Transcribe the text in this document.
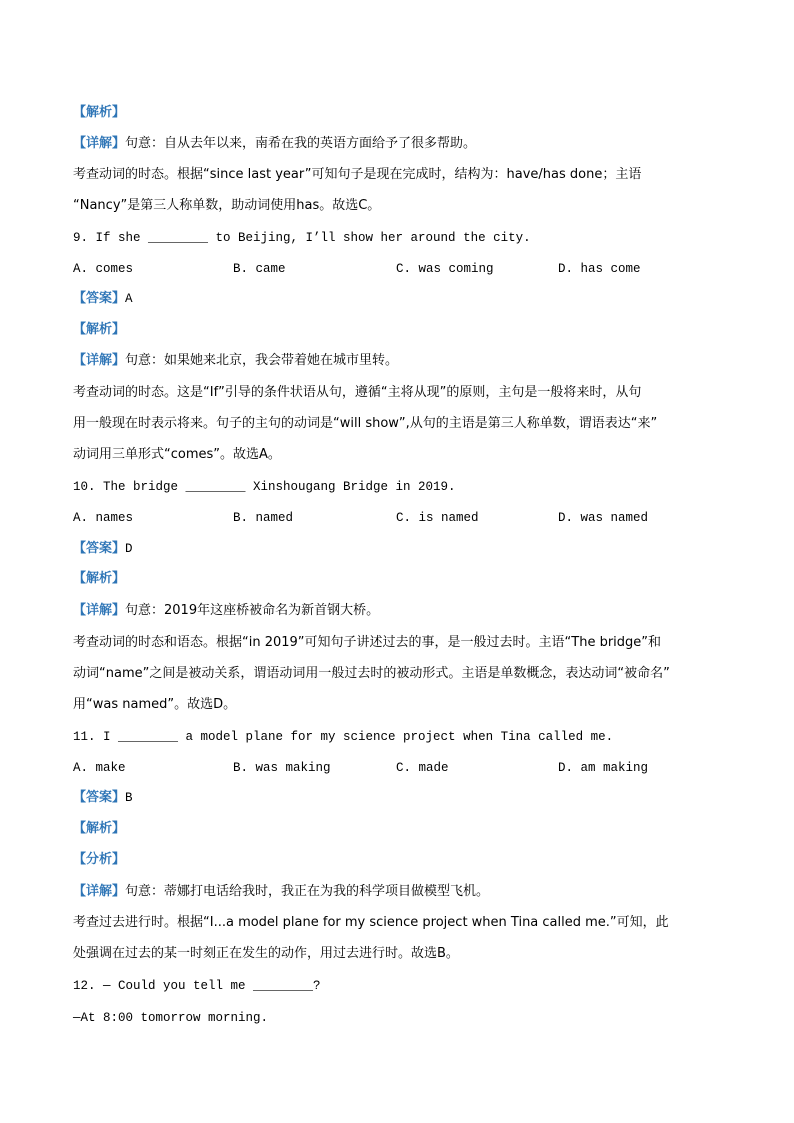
【解析】
【详解】句意：自从去年以来，南希在我的英语方面给予了很多帮助。
考查动词的时态。根据“since last year”可知句子是现在完成时，结构为：have/has done；主语
“Nancy”是第三人称单数，助动词使用has。故选C。
9. If she ________ to Beijing, I’ll show her around the city.
A. comes	B. came	C. was coming	D. has come
【答案】A
【解析】
【详解】句意：如果她来北京，我会带着她在城市里转。
考查动词的时态。这是“If”引导的条件状语从句，遵循“主将从现”的原则，主句是一般将来时，从句
用一般现在时表示将来。句子的主句的动词是“will show”,从句的主语是第三人称单数，谓语表达“来”
动词用三单形式“comes”。故选A。
10. The bridge ________ Xinshougang Bridge in 2019.
A. names	B. named	C. is named	D. was named
【答案】D
【解析】
【详解】句意：2019年这座桥被命名为新首钢大桥。
考查动词的时态和语态。根据“in 2019”可知句子讲述过去的事，是一般过去时。主语“The bridge”和
动词“name”之间是被动关系，谓语动词用一般过去时的被动形式。主语是单数概念，表达动词“被命名”
用“was named”。故选D。
11. I ________ a model plane for my science project when Tina called me.
A. make	B. was making	C. made	D. am making
【答案】B
【解析】
【分析】
【详解】句意：蒂娜打电话给我时，我正在为我的科学项目做模型飞机。
考查过去进行时。根据“I...a model plane for my science project when Tina called me.”可知，此
处强调在过去的某一时刻正在发生的动作，用过去进行时。故选B。
12. — Could you tell me ________?
—At 8:00 tomorrow morning.
